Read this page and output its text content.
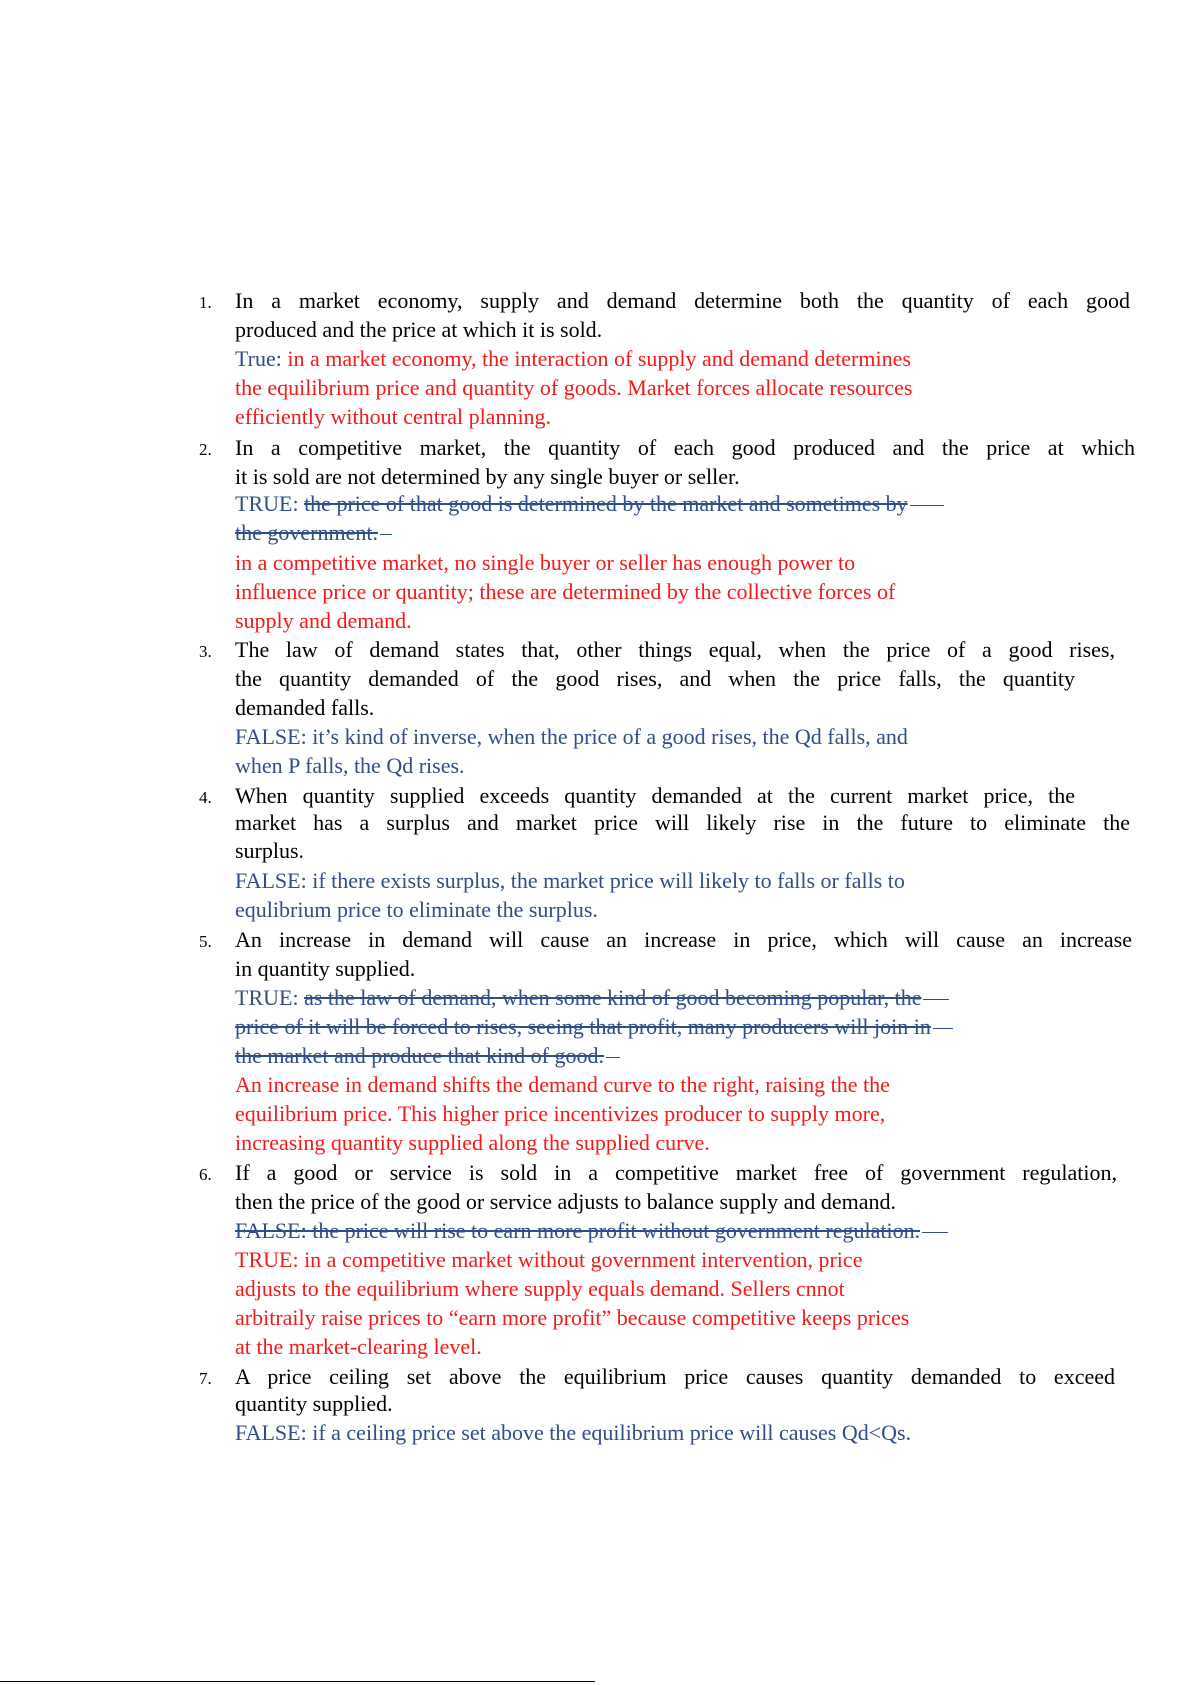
1. In a market economy, supply and demand determine both the quantity of each good
produced and the price at which it is sold.
True: in a market economy, the interaction of supply and demand determines
the equilibrium price and quantity of goods. Market forces allocate resources
efficiently without central planning.
2. In a competitive market, the quantity of each good produced and the price at which
it is sold are not determined by any single buyer or seller.
TRUE: the price of that good is determined by the market and sometimes by
the government.
in a competitive market, no single buyer or seller has enough power to
influence price or quantity; these are determined by the collective forces of
supply and demand.
3. The law of demand states that, other things equal, when the price of a good rises,
the quantity demanded of the good rises, and when the price falls, the quantity
demanded falls.
FALSE: it’s kind of inverse, when the price of a good rises, the Qd falls, and
when P falls, the Qd rises.
4. When quantity supplied exceeds quantity demanded at the current market price, the
market has a surplus and market price will likely rise in the future to eliminate the
surplus.
FALSE: if there exists surplus, the market price will likely to falls or falls to
equlibrium price to eliminate the surplus.
5. An increase in demand will cause an increase in price, which will cause an increase
in quantity supplied.
TRUE: as the law of demand, when some kind of good becoming popular, the
price of it will be forced to rises, seeing that profit, many producers will join in
the market and produce that kind of good.
An increase in demand shifts the demand curve to the right, raising the the
equilibrium price. This higher price incentivizes producer to supply more,
increasing quantity supplied along the supplied curve.
6. If a good or service is sold in a competitive market free of government regulation,
then the price of the good or service adjusts to balance supply and demand.
FALSE: the price will rise to earn more profit without government regulation.
TRUE: in a competitive market without government intervention, price
adjusts to the equilibrium where supply equals demand. Sellers cnnot
arbitraily raise prices to “earn more profit” because competitive keeps prices
at the market-clearing level.
7. A price ceiling set above the equilibrium price causes quantity demanded to exceed
quantity supplied.
FALSE: if a ceiling price set above the equilibrium price will causes Qd<Qs.
